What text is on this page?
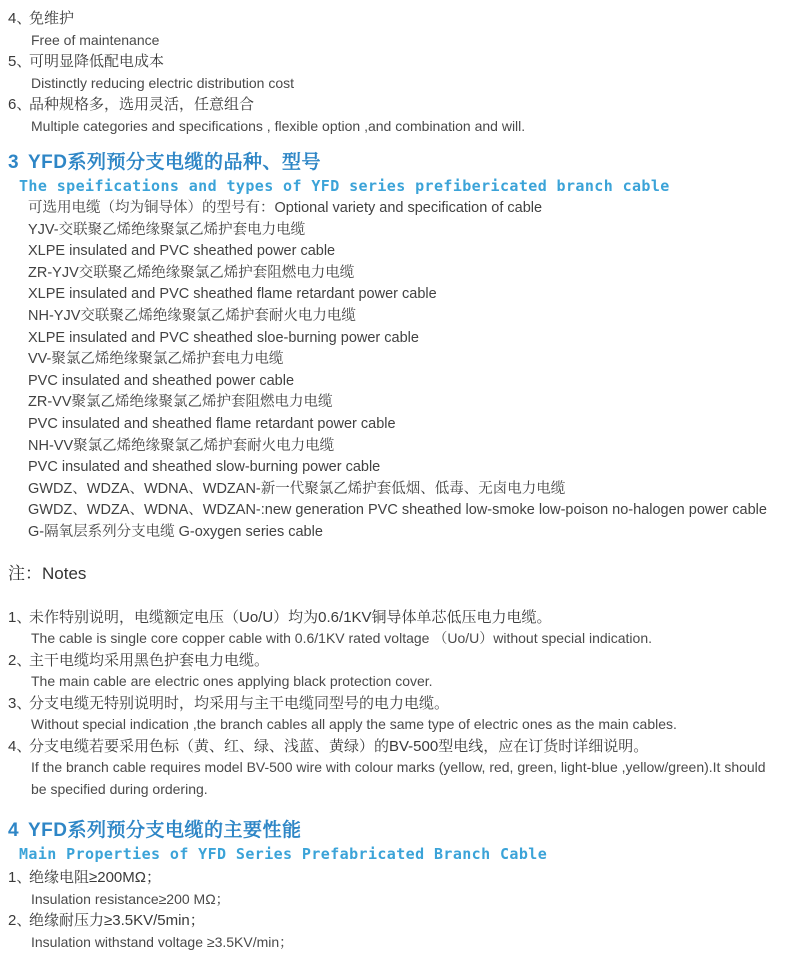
4、
免维护
Free of maintenance
5、
可明显降低配电成本
Distinctly reducing electric distribution cost
6、
品种规格多，选用灵活，任意组合
Multiple categories and specifications , flexible option ,and combination and will.
3 YFD系列预分支电缆的品种、型号
The speifications and types of YFD series prefibericated branch cable
可选用电缆（均为铜导体）的型号有：Optional variety and specification of cable
YJV-交联聚乙烯绝缘聚氯乙烯护套电力电缆
XLPE insulated and PVC sheathed power cable
ZR-YJV交联聚乙烯绝缘聚氯乙烯护套阻燃电力电缆
XLPE insulated and PVC sheathed flame retardant power cable
NH-YJV交联聚乙烯绝缘聚氯乙烯护套耐火电力电缆
XLPE insulated and PVC sheathed sloe-burning power cable
VV-聚氯乙烯绝缘聚氯乙烯护套电力电缆
PVC insulated and sheathed power cable
ZR-VV聚氯乙烯绝缘聚氯乙烯护套阻燃电力电缆
PVC insulated and sheathed flame retardant power cable
NH-VV聚氯乙烯绝缘聚氯乙烯护套耐火电力电缆
PVC insulated and sheathed slow-burning power cable
GWDZ、WDZA、WDNA、WDZAN-新一代聚氯乙烯护套低烟、低毒、无卤电力电缆
GWDZ、WDZA、WDNA、WDZAN-:new generation PVC sheathed low-smoke low-poison no-halogen power cable
G-隔氧层系列分支电缆 G-oxygen series cable
注：Notes
1、
未作特别说明，电缆额定电压（Uo/U）均为0.6/1KV铜导体单芯低压电力电缆。
The cable is single core copper cable with 0.6/1KV rated voltage （Uo/U）without special indication.
2、
主干电缆均采用黑色护套电力电缆。
The main cable are electric ones applying black protection cover.
3、
分支电缆无特别说明时，均采用与主干电缆同型号的电力电缆。
Without special indication ,the branch cables all apply the same type of electric ones as the main cables.
4、
分支电缆若要采用色标（黄、红、绿、浅蓝、黄绿）的BV-500型电线，应在订货时详细说明。
If the branch cable requires model BV-500 wire with colour marks (yellow, red, green, light-blue ,yellow/green).It should be specified during ordering.
4 YFD系列预分支电缆的主要性能
Main Properties of YFD Series Prefabricated Branch Cable
1、
绝缘电阻≥200MΩ；
Insulation resistance≥200 MΩ；
2、
绝缘耐压力≥3.5KV/5min；
Insulation withstand voltage ≥3.5KV/min；
